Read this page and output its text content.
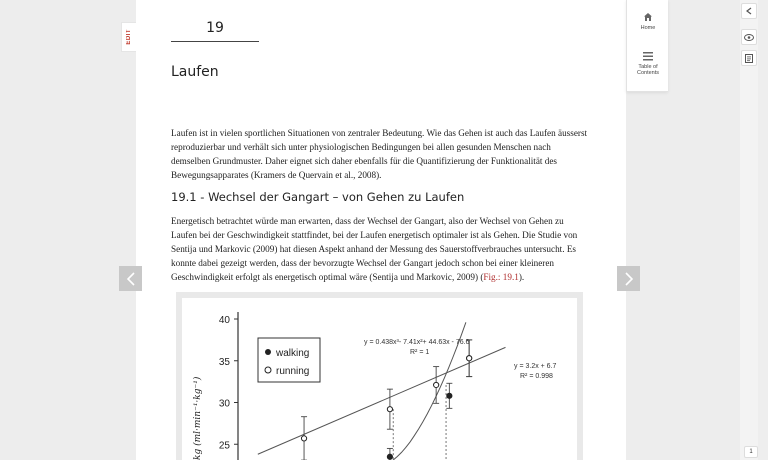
19
Laufen

Laufen ist in vielen sportlichen Situationen von zentraler Bedeutung. Wie das Gehen ist auch das Laufen äusserst reproduzierbar und verhält sich unter physiologischen Bedingungen bei allen gesunden Menschen nach demselben Grundmuster. Daher eignet sich daher ebenfalls für die Quantifizierung der Funktionalität des Bewegungsapparates (Kramers de Quervain et al., 2008).

19.1 - Wechsel der Gangart – von Gehen zu Laufen

Energetisch betrachtet würde man erwarten, dass der Wechsel der Gangart, also der Wechsel von Gehen zu Laufen bei der Geschwindigkeit stattfindet, bei der Laufen energetisch optimaler ist als Gehen. Die Studie von Sentija und Markovic (2009) hat diesen Aspekt anhand der Messung des Sauerstoffverbrauches untersucht. Es konnte dabei gezeigt werden, dass der bevorzugte Wechsel der Gangart jedoch schon bei einer kleineren Geschwindigkeit erfolgt als energetisch optimal wäre (Sentija und Markovic, 2009) (Fig.: 19.1).

25
30
35
40
walking
running
y = 0.438x³- 7.41x²+ 44.63x - 76.6
R² = 1
y = 3.2x + 6.7
R² = 0.998
kg (ml·min⁻¹·kg⁻¹)
EDIT
Home
Table of
Contents
1
